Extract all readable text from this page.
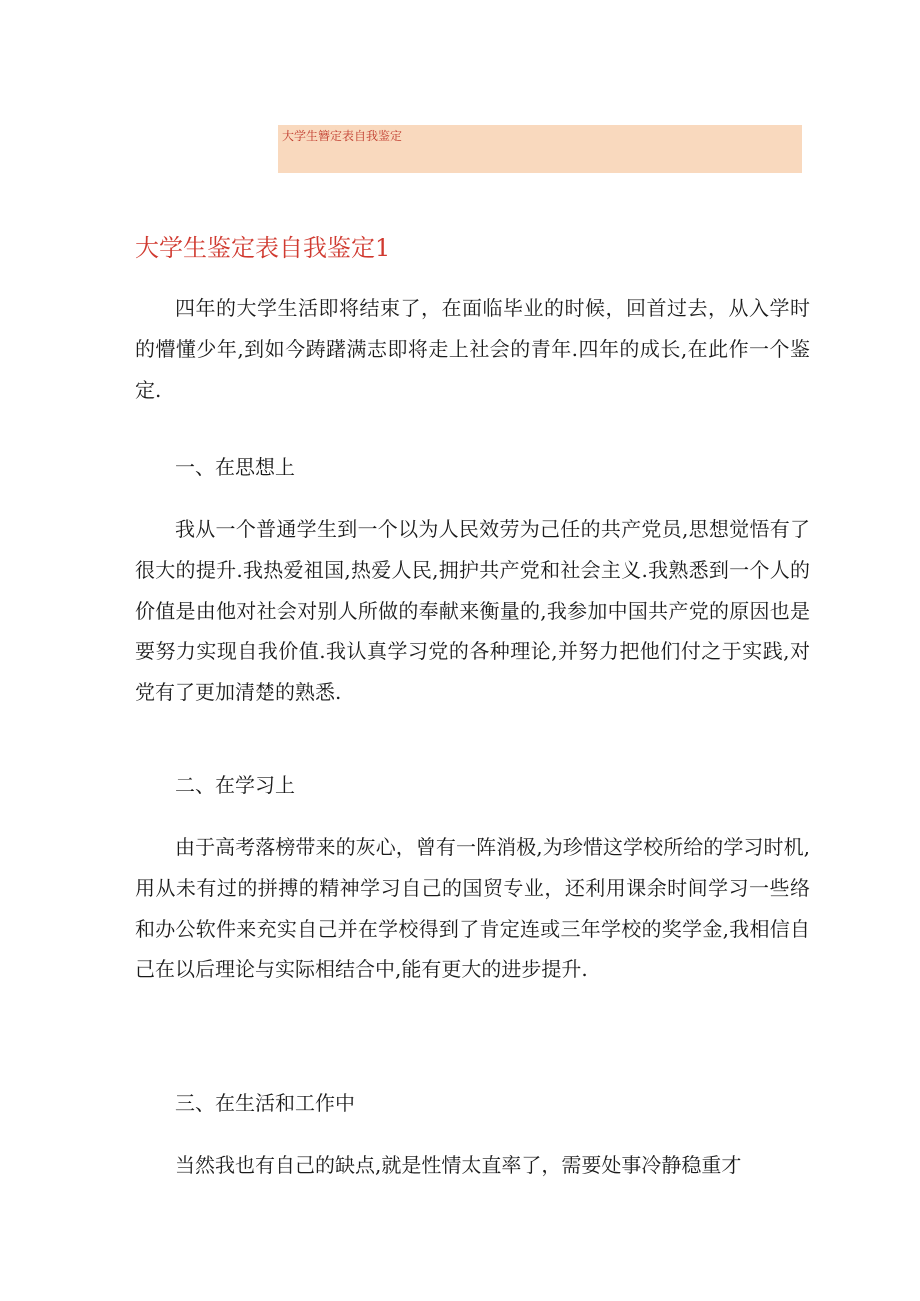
大学生簪定表自我鉴定
大学生鉴定表自我鉴定1

四年的大学生活即将结束了，在面临毕业的时候，回首过去，从入学时的懵懂少年,到如今踌躇满志即将走上社会的青年.四年的成长,在此作一个鉴定.

一、在思想上

我从一个普通学生到一个以为人民效劳为己任的共产党员,思想觉悟有了很大的提升.我热爱祖国,热爱人民,拥护共产党和社会主义.我熟悉到一个人的价值是由他对社会对别人所做的奉献来衡量的,我参加中国共产党的原因也是要努力实现自我价值.我认真学习党的各种理论,并努力把他们付之于实践,对党有了更加清楚的熟悉.

二、在学习上

由于高考落榜带来的灰心，曾有一阵消极,为珍惜这学校所给的学习时机,用从未有过的拼搏的精神学习自己的国贸专业，还利用课余时间学习一些络和办公软件来充实自己并在学校得到了肯定连或三年学校的奖学金,我相信自己在以后理论与实际相结合中,能有更大的进步提升.

三、在生活和工作中

当然我也有自己的缺点,就是性情太直率了，需要处事冷静稳重才
